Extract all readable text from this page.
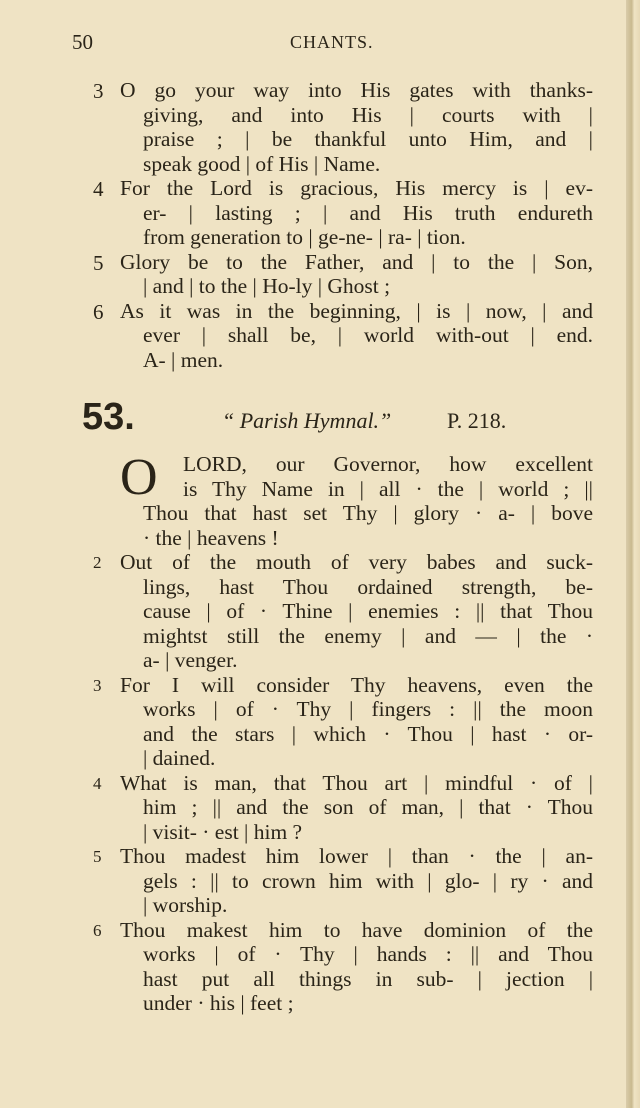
50	CHANTS.
3 O go your way into His gates with thanks-
giving, and into His | courts with |
praise ; | be thankful unto Him, and |
speak good | of His | Name.
4 For the Lord is gracious, His mercy is | ev-
er- | lasting ; | and His truth endureth
from generation to | ge-ne- | ra- | tion.
5 Glory be to the Father, and | to the | Son,
| and | to the | Ho-ly | Ghost ;
6 As it was in the beginning, | is | now, | and
ever | shall be, | world with-out | end.
A- | men.
53.	“ Parish Hymnal.”	P. 218.
O	LORD, our Governor, how excellent
is Thy Name in | all · the | world ; ||
Thou that hast set Thy | glory · a- | bove
· the | heavens !
2 Out of the mouth of very babes and suck-
lings, hast Thou ordained strength, be-
cause | of · Thine | enemies : || that Thou
mightst still the enemy | and — | the ·
a- | venger.
3 For I will consider Thy heavens, even the
works | of · Thy | fingers : || the moon
and the stars | which · Thou | hast · or-
| dained.
4 What is man, that Thou art | mindful · of |
him ; || and the son of man, | that · Thou
| visit- · est | him ?
5 Thou madest him lower | than · the | an-
gels : || to crown him with | glo- | ry · and
| worship.
6 Thou makest him to have dominion of the
works | of · Thy | hands : || and Thou
hast put all things in sub- | jection |
under · his | feet ;
